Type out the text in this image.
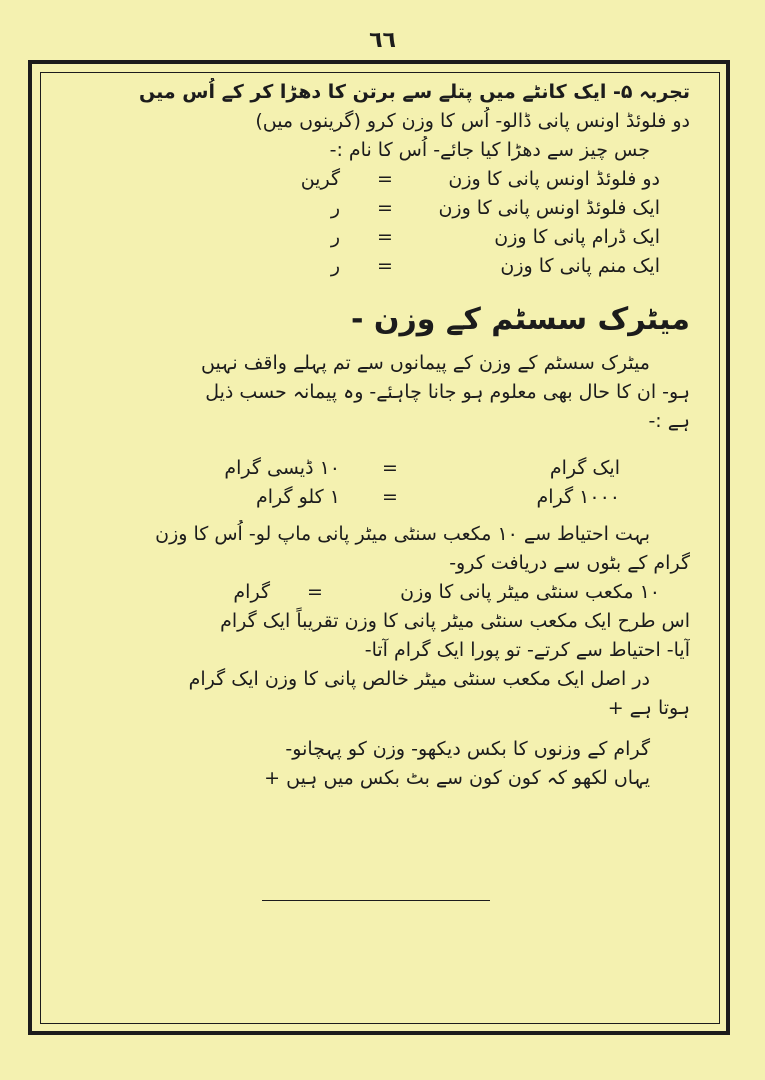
٦٦
تجربہ ۵- ایک کانٹے میں پتلے سے برتن کا دھڑا کر کے اُس میں
دو فلوئڈ اونس پانی ڈالو- اُس کا وزن کرو (گرینوں میں)
جس چیز سے دھڑا کیا جائے- اُس کا نام :-
دو فلوئڈ اونس پانی کا وزن
=
گرین
ایک فلوئڈ اونس پانی کا وزن
=
ر
ایک ڈرام پانی کا وزن
=
ر
ایک منم پانی کا وزن
=
ر
میٹرک سسٹم کے وزن -
میٹرک سسٹم کے وزن کے پیمانوں سے تم پہلے واقف نہیں
ہو- ان کا حال بھی معلوم ہو جانا چاہئے- وہ پیمانہ حسب ذیل
ہے :-
ایک گرام
=
۱۰ ڈیسی گرام
۱۰۰۰ گرام
=
۱ کلو گرام
بہت احتیاط سے ۱۰ مکعب سنٹی میٹر پانی ماپ لو- اُس کا وزن
گرام کے بٹوں سے دریافت کرو-
۱۰ مکعب سنٹی میٹر پانی کا وزن
=
گرام
اس طرح ایک مکعب سنٹی میٹر پانی کا وزن تقریباً ایک گرام
آیا- احتیاط سے کرتے- تو پورا ایک گرام آتا-
در اصل ایک مکعب سنٹی میٹر خالص پانی کا وزن ایک گرام
ہوتا ہے +
گرام کے وزنوں کا بکس دیکھو- وزن کو پہچانو-
یہاں لکھو کہ کون کون سے بٹ بکس میں ہیں +
